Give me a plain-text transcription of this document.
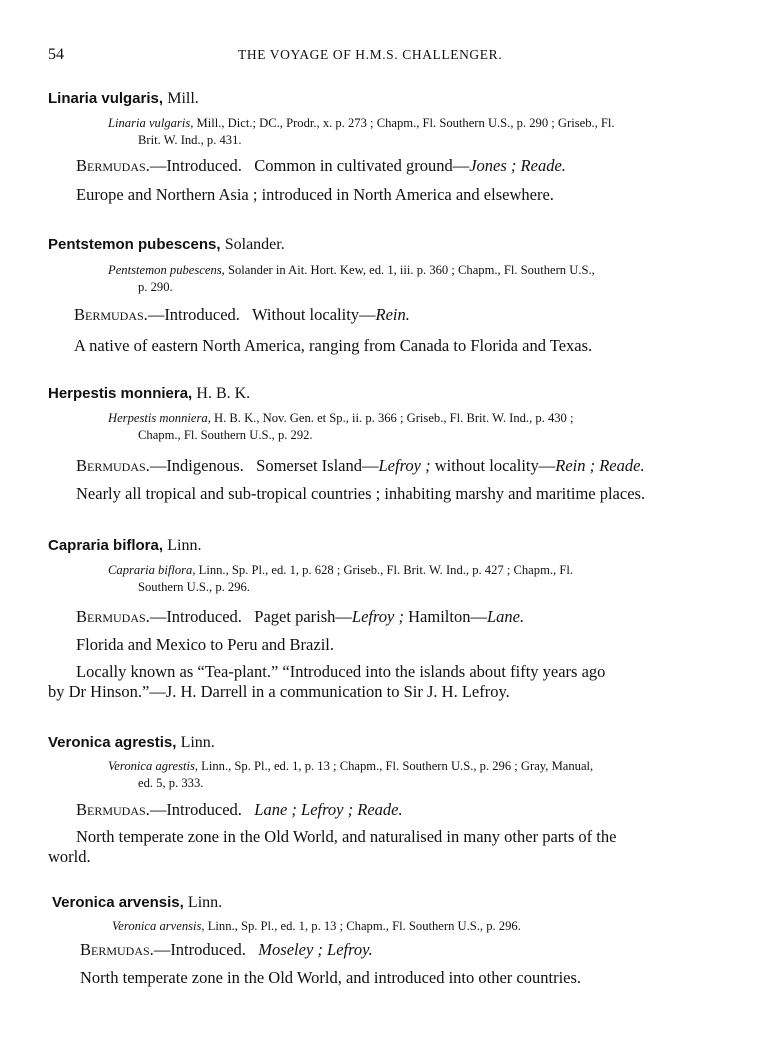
54	THE VOYAGE OF H.M.S. CHALLENGER.
Linaria vulgaris, Mill.
Linaria vulgaris, Mill., Dict.; DC., Prodr., x. p. 273 ; Chapm., Fl. Southern U.S., p. 290 ; Griseb., Fl.
Brit. W. Ind., p. 431.
Bermudas.—Introduced. Common in cultivated ground—Jones ; Reade.
Europe and Northern Asia ; introduced in North America and elsewhere.
Pentstemon pubescens, Solander.
Pentstemon pubescens, Solander in Ait. Hort. Kew, ed. 1, iii. p. 360 ; Chapm., Fl. Southern U.S.,
p. 290.
Bermudas.—Introduced. Without locality—Rein.
A native of eastern North America, ranging from Canada to Florida and Texas.
Herpestis monniera, H. B. K.
Herpestis monniera, H. B. K., Nov. Gen. et Sp., ii. p. 366 ; Griseb., Fl. Brit. W. Ind., p. 430 ;
Chapm., Fl. Southern U.S., p. 292.
Bermudas.—Indigenous. Somerset Island—Lefroy ; without locality—Rein ; Reade.
Nearly all tropical and sub-tropical countries ; inhabiting marshy and maritime places.
Capraria biflora, Linn.
Capraria biflora, Linn., Sp. Pl., ed. 1, p. 628 ; Griseb., Fl. Brit. W. Ind., p. 427 ; Chapm., Fl.
Southern U.S., p. 296.
Bermudas.—Introduced. Paget parish—Lefroy ; Hamilton—Lane.
Florida and Mexico to Peru and Brazil.
Locally known as “Tea-plant.” “Introduced into the islands about fifty years ago
by Dr Hinson.”—J. H. Darrell in a communication to Sir J. H. Lefroy.
Veronica agrestis, Linn.
Veronica agrestis, Linn., Sp. Pl., ed. 1, p. 13 ; Chapm., Fl. Southern U.S., p. 296 ; Gray, Manual,
ed. 5, p. 333.
Bermudas.—Introduced. Lane ; Lefroy ; Reade.
North temperate zone in the Old World, and naturalised in many other parts of the
world.
Veronica arvensis, Linn.
Veronica arvensis, Linn., Sp. Pl., ed. 1, p. 13 ; Chapm., Fl. Southern U.S., p. 296.
Bermudas.—Introduced. Moseley ; Lefroy.
North temperate zone in the Old World, and introduced into other countries.
